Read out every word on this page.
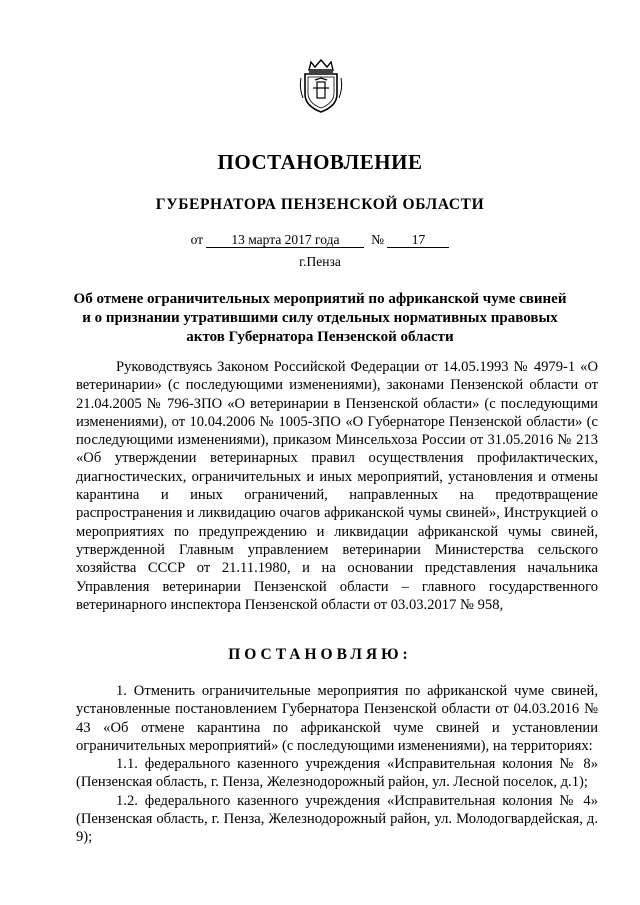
ПОСТАНОВЛЕНИЕ
ГУБЕРНАТОРА ПЕНЗЕНСКОЙ ОБЛАСТИ
от 13 марта 2017 года № 17
г.Пенза
Об отмене ограничительных мероприятий по африканской чуме свиней и о признании утратившими силу отдельных нормативных правовых актов Губернатора Пензенской области

Руководствуясь Законом Российской Федерации от 14.05.1993 № 4979-1 «О ветеринарии» (с последующими изменениями), законами Пензенской области от 21.04.2005 № 796-ЗПО «О ветеринарии в Пензенской области» (с последующими изменениями), от 10.04.2006 № 1005-ЗПО «О Губернаторе Пензенской области» (с последующими изменениями), приказом Минсельхоза России от 31.05.2016 № 213 «Об утверждении ветеринарных правил осуществления профилактических, диагностических, ограничительных и иных мероприятий, установления и отмены карантина и иных ограничений, направленных на предотвращение распространения и ликвидацию очагов африканской чумы свиней», Инструкцией о мероприятиях по предупреждению и ликвидации африканской чумы свиней, утвержденной Главным управлением ветеринарии Министерства сельского хозяйства СССР от 21.11.1980, и на основании представления начальника Управления ветеринарии Пензенской области – главного государственного ветеринарного инспектора Пензенской области от 03.03.2017 № 958,

ПОСТАНОВЛЯЮ:

1. Отменить ограничительные мероприятия по африканской чуме свиней, установленные постановлением Губернатора Пензенской области от 04.03.2016 № 43 «Об отмене карантина по африканской чуме свиней и установлении ограничительных мероприятий» (с последующими изменениями), на территориях:

1.1. федерального казенного учреждения «Исправительная колония № 8» (Пензенская область, г. Пенза, Железнодорожный район, ул. Лесной поселок, д.1);

1.2. федерального казенного учреждения «Исправительная колония № 4» (Пензенская область, г. Пенза, Железнодорожный район, ул. Молодогвардейская, д. 9);
